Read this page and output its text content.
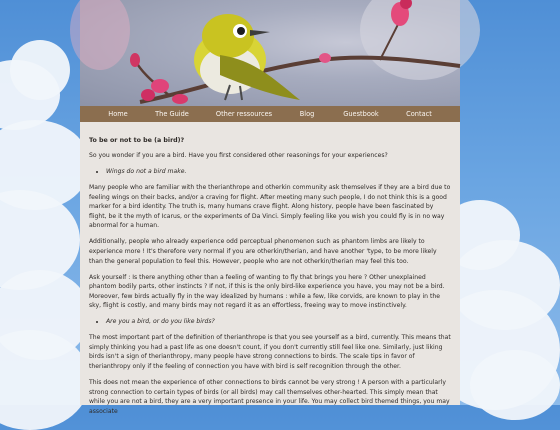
Home	The Guide	Other ressources	Blog	Guestbook	Contact
To be or not to be (a bird)?

So you wonder if you are a bird. Have you first considered other reasonings for your experiences?

• Wings do not a bird make.

Many people who are familiar with the therianthrope and otherkin community ask themselves if they are a bird due to feeling wings on their backs, and/or a craving for flight. After meeting many such people, I do not think this is a good marker for a bird identity. The truth is, many humans crave flight. Along history, people have been fascinated by flight, be it the myth of Icarus, or the experiments of Da Vinci. Simply feeling like you wish you could fly is in no way abnormal for a human.

Additionally, people who already experience odd perceptual phenomenon such as phantom limbs are likely to experience more ! It's therefore very normal if you are otherkin/therian, and have another 'type, to be more likely than the general population to feel this. However, people who are not otherkin/therian may feel this too.

Ask yourself : Is there anything other than a feeling of wanting to fly that brings you here ? Other unexplained phantom bodily parts, other instincts ? If not, if this is the only bird-like experience you have, you may not be a bird. Moreover, few birds actually fly in the way idealized by humans : while a few, like corvids, are known to play in the sky, flight is costly, and many birds may not regard it as an effortless, freeing way to move instinctively.

• Are you a bird, or do you like birds?

The most important part of the definition of therianthrope is that you see yourself as a bird, currently. This means that simply thinking you had a past life as one doesn't count, if you don't currently still feel like one. Similarly, just liking birds isn't a sign of therianthropy, many people have strong connections to birds. The scale tips in favor of therianthropy only if the feeling of connection you have with bird is self recognition through the other.

This does not mean the experience of other connections to birds cannot be very strong ! A person with a particularly strong connection to certain types of birds (or all birds) may call themselves other-hearted. This simply mean that while you are not a bird, they are a very important presence in your life. You may collect bird themed things, you may associate
